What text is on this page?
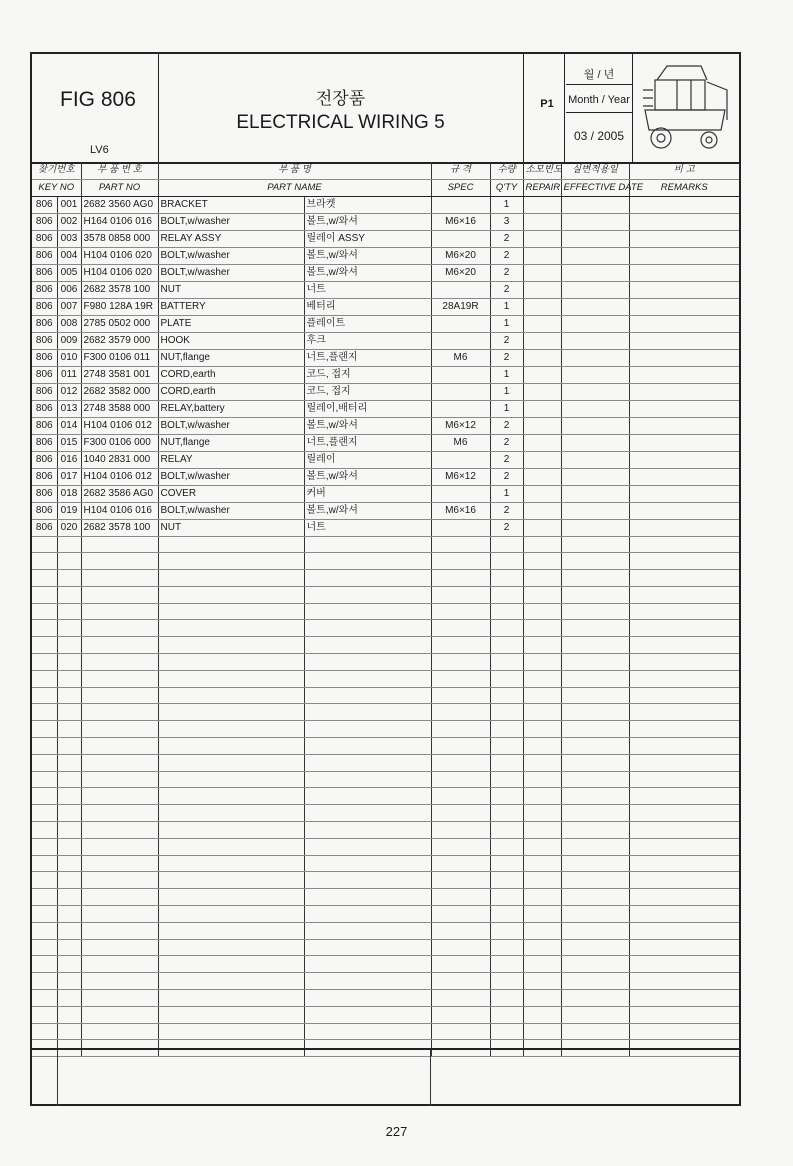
FIG 806
LV6
전장품
ELECTRICAL WIRING 5
P1
월 / 년
Month / Year
03 / 2005
찾기번호		부 품 번 호	부 품 명		규 격	수량	소모빈도	실변적용일	비 고
KEY NO		PART NO	PART NAME		SPEC	Q'TY	REPAIR	EFFECTIVE DATE	REMARKS
806	001	2682 3560 AG0	BRACKET	브라켓		1			
806	002	H164 0106 016	BOLT,w/washer	볼트,w/와셔	M6×16	3			
806	003	3578 0858 000	RELAY ASSY	릴레이 ASSY		2			
806	004	H104 0106 020	BOLT,w/washer	볼트,w/와셔	M6×20	2			
806	005	H104 0106 020	BOLT,w/washer	볼트,w/와셔	M6×20	2			
806	006	2682 3578 100	NUT	너트		2			
806	007	F980 128A 19R	BATTERY	베터리	28A19R	1			
806	008	2785 0502 000	PLATE	플레이트		1			
806	009	2682 3579 000	HOOK	후크		2			
806	010	F300 0106 011	NUT,flange	너트,플랜지	M6	2			
806	011	2748 3581 001	CORD,earth	코드, 접지		1			
806	012	2682 3582 000	CORD,earth	코드, 접지		1			
806	013	2748 3588 000	RELAY,battery	릴레이,배터리		1			
806	014	H104 0106 012	BOLT,w/washer	볼트,w/와셔	M6×12	2			
806	015	F300 0106 000	NUT,flange	너트,플랜지	M6	2			
806	016	1040 2831 000	RELAY	릴레이		2			
806	017	H104 0106 012	BOLT,w/washer	볼트,w/와셔	M6×12	2			
806	018	2682 3586 AG0	COVER	커버		1			
806	019	H104 0106 016	BOLT,w/washer	볼트,w/와셔	M6×16	2			
806	020	2682 3578 100	NUT	너트		2			

227
